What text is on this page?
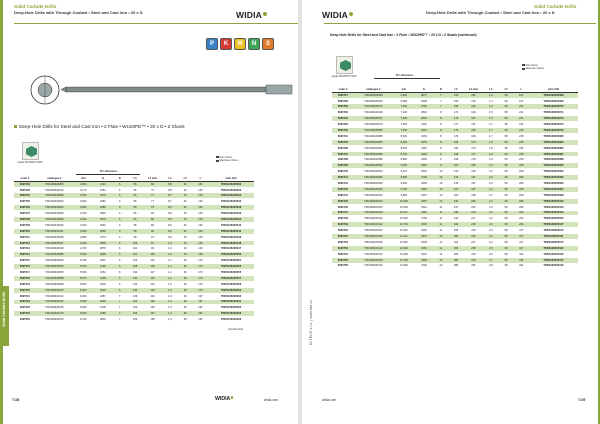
Solid Carbide Drills
Deep-Hole Drills with Through Coolant • Steel and Cast Iron • 20 x D	WIDIA
P	K	M	N	S
Deep-Hole Drills for Steel and Cast Iron • 2 Flute • WU20PD™ • 20 x D • Z Shank
first choice
alternate choice
grade WU20PD TiAlN
D1 diameter
order #	catalogue #	mm	fs	D	L5	L4 max	L3	L2	L	pilot drill
6095702	TDD106Z20055	3,000	2101	6	56	60	8,8	62	101	TDDS106Z20030
6095703	TDD106Z20016	3,170	2251	6	56	74	8,8	62	125	TDDS106Z20032
6095704	TDD106Z20089	3,300	2379	6	66	77	8,7	62	125	TDDS106Z20033
6095705	TDD106Z20023	3,500	2451	6	66	77	8,7	62	125	TDDS106Z20035
6095706	TDD106Z20084	3,800	2489	6	66	79	8,9	62	125	TDDS106Z20038
6095707	TDD106Z20050	3,970	2560	6	66	66	8,8	62	125	TDDS106Z20040
6095708	TDD106Z20099	4,000	2579	6	66	80	8,9	62	125	TDDS106Z20040
6095709	TDD106Z20040	4,200	2662	6	58	86	8,9	62	125	TDDS106Z20042
6095710	TDD106Z20041	4,500	2800	6	58	96	8,9	62	149	TDDS106Z20045
6095711	TDD106Z20045	4,800	2773	6	58	97	8,9	62	149	TDDS106Z20048
6095712	TDD106Z20047	4,820	2800	6	109	97	1,0	64	149	TDDS106Z20048
6095713	TDD106Z20018	4,763	2879	6	110	99	1,0	64	149	TDDS106Z20047
6095714	TDD106Z20088	5,000	2999	6	112	100	1,0	64	149	TDDS106Z20050
6095715	TDD106Z20093	5,156	2937	6	126	116	1,1	66	173	TDDS106Z20051
6095716	TDD106Z20094	5,613	2106	6	128	118	1,1	66	173	TDDS106Z20056
6095717	TDD106Z20055	5,500	3154	6	130	117	1,1	66	173	TDDS106Z20055
6095718	TDD106Z20088	5,670	3168	6	130	119	1,1	66	173	TDDS106Z20057
6095719	TDD106Z20089	5,800	3236	6	132	119	1,2	66	173	TDDS106Z20058
6095720	TDD106Z20100	6,000	3200	6	136	120	1,2	68	173	TDDS106Z20060
6095721	TDD106Z20102	6,200	2487	7	149	134	1,3	66	197	TDDS106Z20062
6095722	TDD106Z20150	6,350	2699	7	150	135	1,3	66	197	TDDS106Z20064
6095723	TDD106Z20155	6,500	2705	7	152	135	1,3	66	197	TDDS106Z20065
6095724	TDD106Z20170	6,600	2783	7	154	137	1,4	66	197	TDDS106Z20066
6095725	TDD106Z20076	6,740	2816	7	154	138	1,4	66	197	TDDS106Z20068
(continued)
Solid Carbide Drills
T108	WIDIA	widia.com
KI-TECH s.r.o. | www.kite.cz
Solid Carbide Drills
Deep-Hole Drills with Through Coolant • Steel and Cast Iron • 20 x D
WIDIA
Deep-Hole Drills for Steel and Cast Iron • 2 Flute • WU20PD™ • 20 x D • Z Shank (continued)
first choice
alternate choice
grade WU20PD TiAlN	D1 diameter
order #	catalogue #	mm	fs	D	L5	L4 max	L3	L2	L	pilot drill
6095727	TDD106Z20068	6,800	2877	7	154	150	1,4	68	197	TDDS106Z20068
6095728	TDD106Z20069	6,900	2938	7	156	140	1,4	68	197	TDDS106Z20069
6095729	TDD106Z20070	7,000	2769	7	158	140	1,5	68	221	TDDS106Z20070
6095730	TDD106Z20140	7,140	2810	8	171	164	1,5	68	221	TDDS106Z20071
6095731	TDD106Z20071	7,300	2843	8	174	157	1,5	68	221	TDDS106Z20073
6095732	TDD106Z20075	7,500	3120	8	177	157	1,7	68	221	TDDS106Z20075
6095733	TDD106Z20080	7,940	3201	8	179	160	1,7	68	245	TDDS106Z20079
6095734	TDD106Z20088	8,000	3154	8	179	160	1,7	68	245	TDDS106Z20080
6095735	TDD106Z20090	8,200	3351	8	196	174	1,8	68	245	TDDS106Z20082
6095736	TDD106Z20084	8,500	3353	8	196	176	1,8	68	245	TDDS106Z20085
6095737	TDD106Z20086	8,700	3462	9	198	177	1,8	68	245	TDDS106Z20087
6095738	TDD106Z20088	8,830	3435	9	198	178	1,9	68	245	TDDS106Z20088
6095739	TDD106Z20092	9,000	3491	9	200	180	1,9	68	269	TDDS106Z20090
6095740	TDD106Z20094	9,347	3525	10	212	190	2,0	68	269	TDDS106Z20093
6095741	TDD106Z20095	9,500	3700	10	216	197	2,0	68	269	TDDS106Z20095
6095742	TDD106Z20099	9,525	3204	10	216	197	2,0	68	269	TDDS106Z20095
6095743	TDD106Z20100	9,700	3253	10	220	197	2,1	68	269	TDDS106Z20097
6095744	TDD106Z20102	9,800	3307	10	224	198	2,1	68	269	TDDS106Z20098
6095745	TDD106Z20103	10,000	3357	10	232	206	2,1	68	269	TDDS106Z20100
6095746	TDD106Z20105	10,200	3414	11	237	216	2,2	68	293	TDDS106Z20102
6095747	TDD106Z20108	10,317	3452	11	238	216	2,2	68	293	TDDS106Z20103
6095748	TDD106Z20110	10,500	3750	11	242	217	2,2	68	293	TDDS106Z20105
6095749	TDD106Z20112	10,716	3230	11	242	218	2,3	68	293	TDDS106Z20107
6095750	TDD106Z20113	11,000	3281	11	256	226	2,3	68	317	TDDS106Z20110
6095751	TDD106Z20115	11,113	3375	12	266	236	2,4	68	317	TDDS106Z20111
6095752	TDD106Z20118	11,500	3393	12	262	237	2,4	68	317	TDDS106Z20115
6095753	TDD106Z20120	12,000	3254	12	266	238	2,5	68	317	TDDS106Z20120
6095754	TDD106Z20122	12,200	3310	13	284	246	2,6	68	341	TDDS106Z20122
6095755	TDD106Z20125	12,700	3393	13	286	248	2,7	68	341	TDDS106Z20127
6095756	TDD106Z20140	13,000	3718	13	289	252	2,8	68	341	TDDS106Z20130
widia.com	T109
